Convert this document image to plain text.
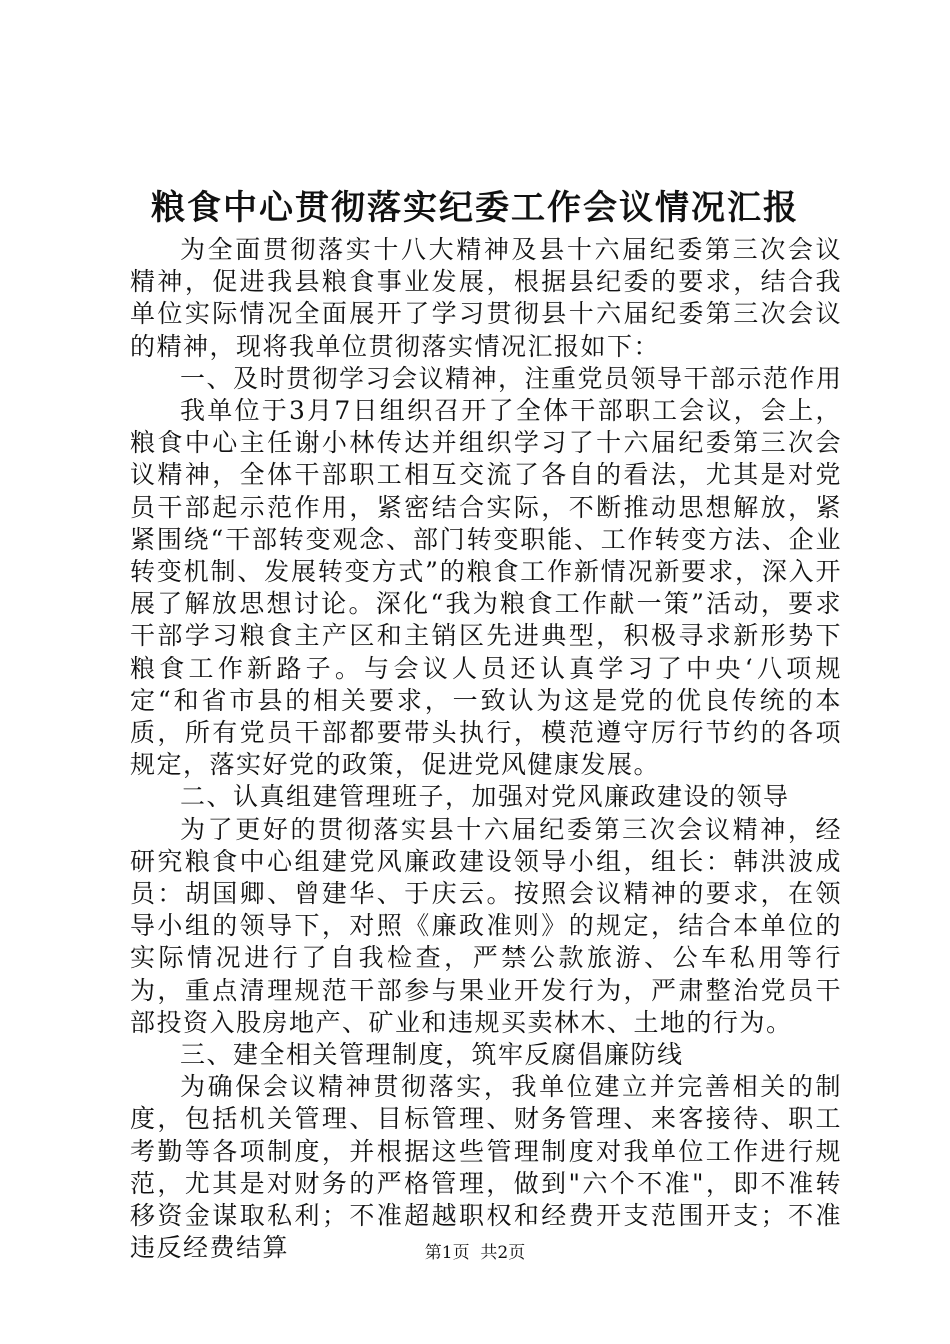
粮食中心贯彻落实纪委工作会议情况汇报

为全面贯彻落实十八大精神及县十六届纪委第三次会议精神，促进我县粮食事业发展，根据县纪委的要求，结合我单位实际情况全面展开了学习贯彻县十六届纪委第三次会议的精神，现将我单位贯彻落实情况汇报如下：

一、及时贯彻学习会议精神，注重党员领导干部示范作用

我单位于3月7日组织召开了全体干部职工会议，会上，粮食中心主任谢小林传达并组织学习了十六届纪委第三次会议精神，全体干部职工相互交流了各自的看法，尤其是对党员干部起示范作用，紧密结合实际，不断推动思想解放，紧紧围绕“干部转变观念、部门转变职能、工作转变方法、企业转变机制、发展转变方式”的粮食工作新情况新要求，深入开展了解放思想讨论。深化“我为粮食工作献一策”活动，要求干部学习粮食主产区和主销区先进典型，积极寻求新形势下粮食工作新路子。与会议人员还认真学习了中央‘八项规定“和省市县的相关要求，一致认为这是党的优良传统的本质，所有党员干部都要带头执行，模范遵守厉行节约的各项规定，落实好党的政策，促进党风健康发展。

二、认真组建管理班子，加强对党风廉政建设的领导

为了更好的贯彻落实县十六届纪委第三次会议精神，经研究粮食中心组建党风廉政建设领导小组，组长：韩洪波成员：胡国卿、曾建华、于庆云。按照会议精神的要求，在领导小组的领导下，对照《廉政准则》的规定，结合本单位的实际情况进行了自我检查，严禁公款旅游、公车私用等行为，重点清理规范干部参与果业开发行为，严肃整治党员干部投资入股房地产、矿业和违规买卖林木、土地的行为。

三、建全相关管理制度，筑牢反腐倡廉防线

为确保会议精神贯彻落实，我单位建立并完善相关的制度，包括机关管理、目标管理、财务管理、来客接待、职工考勤等各项制度，并根据这些管理制度对我单位工作进行规范，尤其是对财务的严格管理，做到"六个不准"，即不准转移资金谋取私利；不准超越职权和经费开支范围开支；不准违反经费结算	第1页 共2页
